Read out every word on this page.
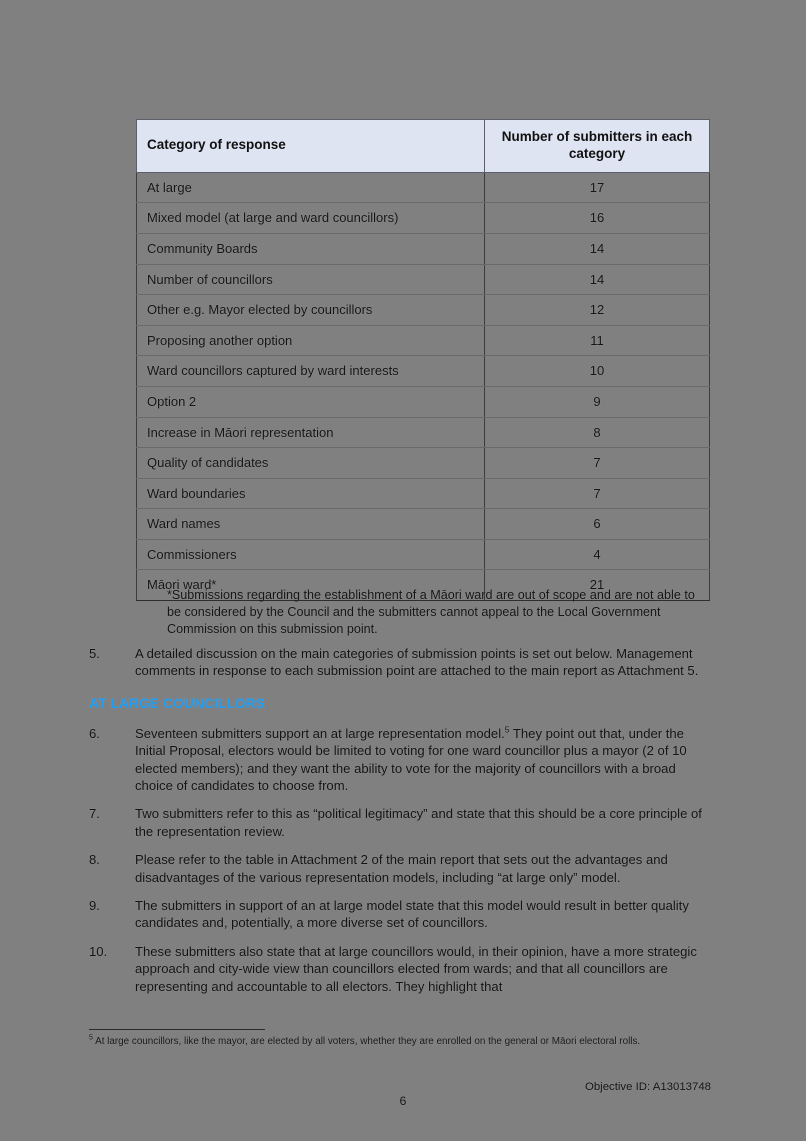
Category of response	Number of submitters in each category
At large	17
Mixed model (at large and ward councillors)	16
Community Boards	14
Number of councillors	14
Other e.g. Mayor elected by councillors	12
Proposing another option	11
Ward councillors captured by ward interests	10
Option 2	9
Increase in Māori representation	8
Quality of candidates	7
Ward boundaries	7
Ward names	6
Commissioners	4
Māori ward*	21
*Submissions regarding the establishment of a Māori ward are out of scope and are not able to be considered by the Council and the submitters cannot appeal to the Local Government Commission on this submission point.
5.	A detailed discussion on the main categories of submission points is set out below. Management comments in response to each submission point are attached to the main report as Attachment 5.
AT LARGE COUNCILLORS
6.	Seventeen submitters support an at large representation model.$^5$ They point out that, under the Initial Proposal, electors would be limited to voting for one ward councillor plus a mayor (2 of 10 elected members); and they want the ability to vote for the majority of councillors with a broad choice of candidates to choose from.
7.	Two submitters refer to this as “political legitimacy” and state that this should be a core principle of the representation review.
8.	Please refer to the table in Attachment 2 of the main report that sets out the advantages and disadvantages of the various representation models, including “at large only” model.
9.	The submitters in support of an at large model state that this model would result in better quality candidates and, potentially, a more diverse set of councillors.
10.	These submitters also state that at large councillors would, in their opinion, have a more strategic approach and city-wide view than councillors elected from wards; and that all councillors are representing and accountable to all electors. They highlight that
$^5$ At large councillors, like the mayor, are elected by all voters, whether they are enrolled on the general or Māori electoral rolls.
Objective ID: A13013748
6
